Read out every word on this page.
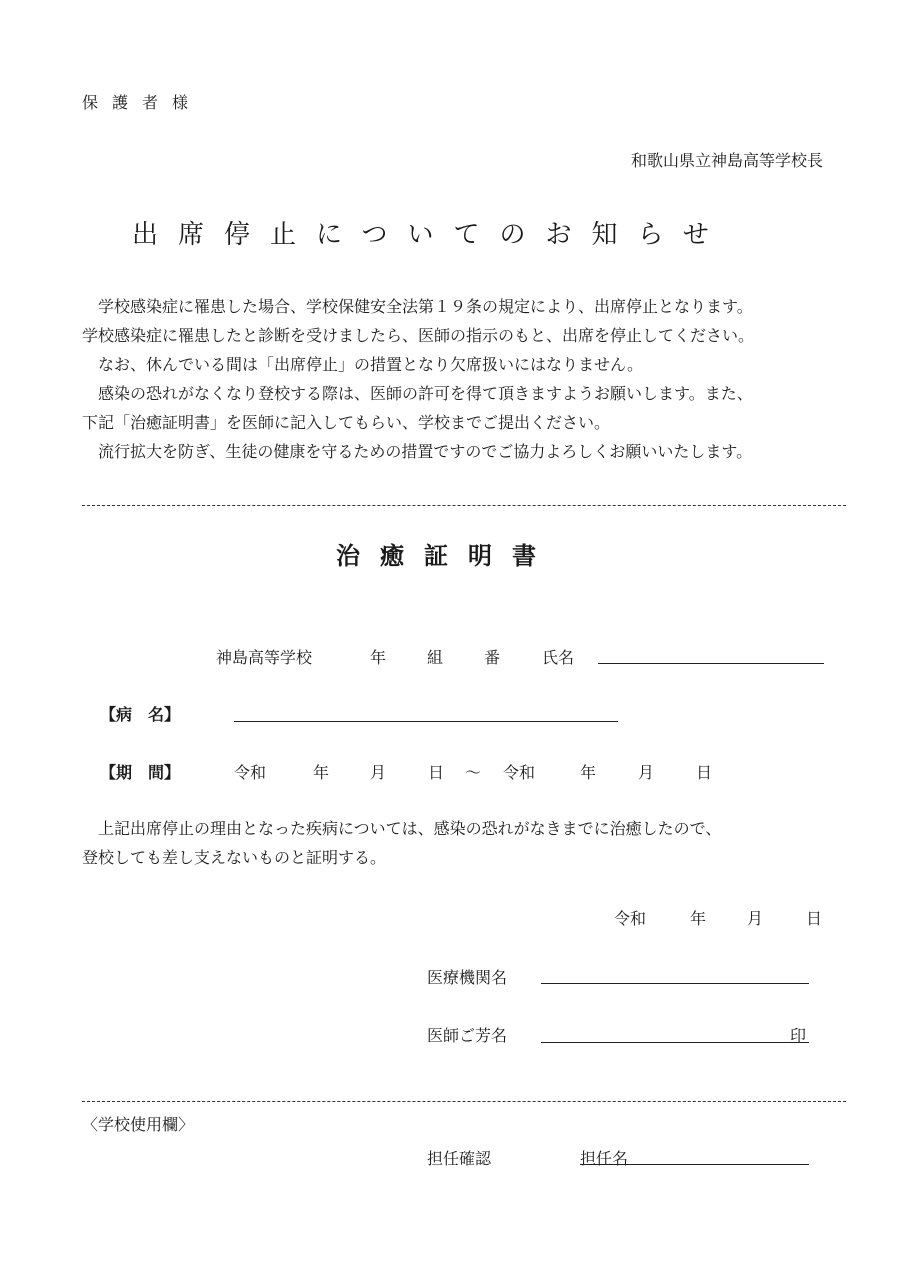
保護者様
和歌山県立神島高等学校長
出席停止についてのお知らせ

　学校感染症に罹患した場合、学校保健安全法第１９条の規定により、出席停止となります。

学校感染症に罹患したと診断を受けましたら、医師の指示のもと、出席を停止してください。

　なお、休んでいる間は「出席停止」の措置となり欠席扱いにはなりません。

　感染の恐れがなくなり登校する際は、医師の許可を得て頂きますようお願いします。また、

下記「治癒証明書」を医師に記入してもらい、学校までご提出ください。

　流行拡大を防ぎ、生徒の健康を守るための措置ですのでご協力よろしくお願いいたします。

治癒証明書
神島高等学校	年	組	番	氏名
【病　名】
【期　間】	令和	年	月	日 〜 令和	年	月	日

　上記出席停止の理由となった疾病については、感染の恐れがなきまでに治癒したので、

登校しても差し支えないものと証明する。

令和	年	月	日
医療機関名
医師ご芳名	印
〈学校使用欄〉
担任確認	担任名
